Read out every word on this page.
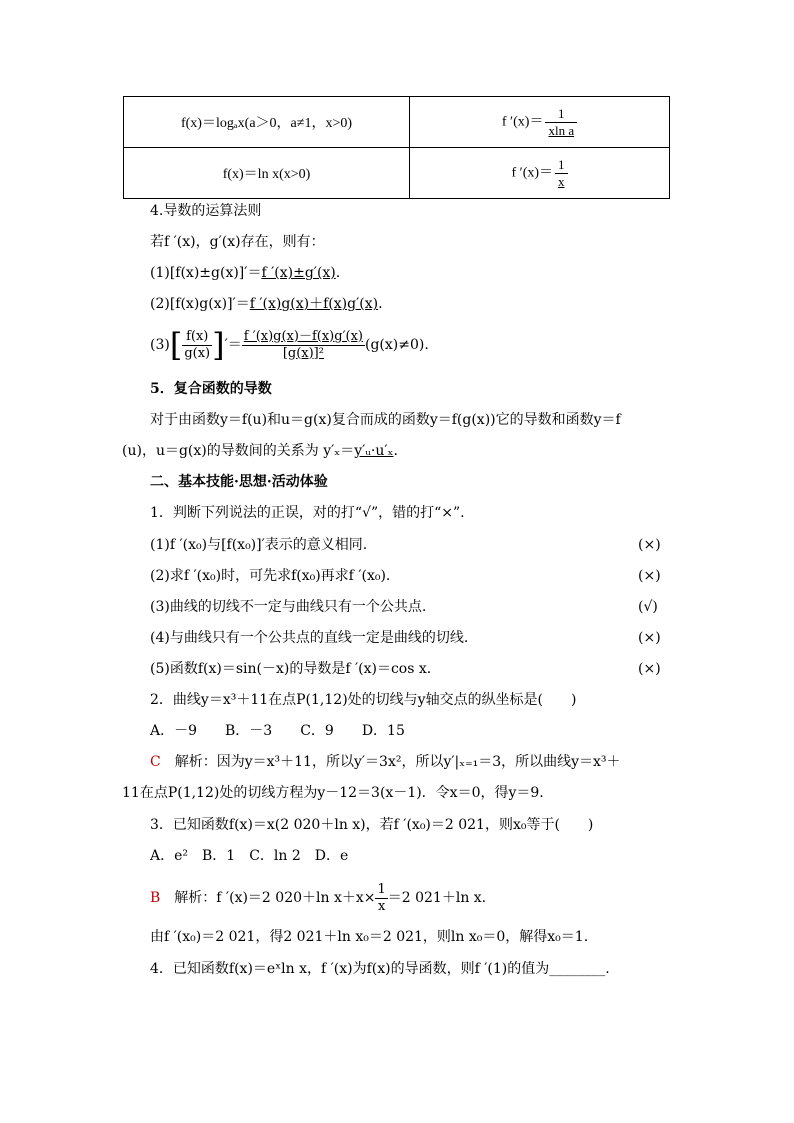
f(x)＝logₐx(a＞0，a≠1，x>0)	f $'(x)= \frac{1}{\text{xln a}}$

f(x)＝ln x(x>0)	f $'(x)= \frac{1}{x}$
4.导数的运算法则
若f ′(x)，g′(x)存在，则有：
(1)[f(x)±g(x)]′＝f ′(x)±g′(x).
(2)[f(x)g(x)]′＝f ′(x)g(x)＋f(x)g′(x).
$(3)[ \frac{f(x)}{g(x)}$ ]′＝ $\frac{f '(x)g(x)-f(x)g'(x)}{\text{[g(x)]²}} (g(x)\ne 0)$.
5．复合函数的导数
对于由函数y＝f(u)和u＝g(x)复合而成的函数y＝f(g(x))它的导数和函数y＝f
(u)，u＝g(x)的导数间的关系为 y′ₓ＝y′ᵤ·u′ₓ.
二、基本技能·思想·活动体验
1．判断下列说法的正误，对的打“√”，错的打“×”.
(1)f ′(x₀)与[f(x₀)]′表示的意义相同.	(×)
(2)求f ′(x₀)时，可先求f(x₀)再求f ′(x₀).	(×)
(3)曲线的切线不一定与曲线只有一个公共点.	(√)
(4)与曲线只有一个公共点的直线一定是曲线的切线.	(×)
(5)函数f(x)＝sin(－x)的导数是f ′(x)＝cos x.	(×)
2．曲线y＝x³＋11在点P(1,12)处的切线与y轴交点的纵坐标是(　　)
A．－9　　B．－3　　C．9　　D．15
C　解析：因为y＝x³＋11，所以y′＝3x²，所以y′|ₓ₌₁＝3，所以曲线y＝x³＋
11在点P(1,12)处的切线方程为y－12＝3(x－1)．令x＝0，得y＝9.
3．已知函数f(x)＝x(2 020＋ln x)，若f ′(x₀)＝2 021，则x₀等于(　　)
A．e²　B．1　C．ln 2　D．e
B　解析：f ′(x)＝2 020＋ln $x+x\times \frac{1}{x} =2$ 021＋ln x.
由f ′(x₀)＝2 021，得2 021＋ln x₀＝2 021，则ln x₀＝0，解得x₀＝1.
4．已知函数f(x)＝eˣln x，f ′(x)为f(x)的导函数，则f ′(1)的值为________.
